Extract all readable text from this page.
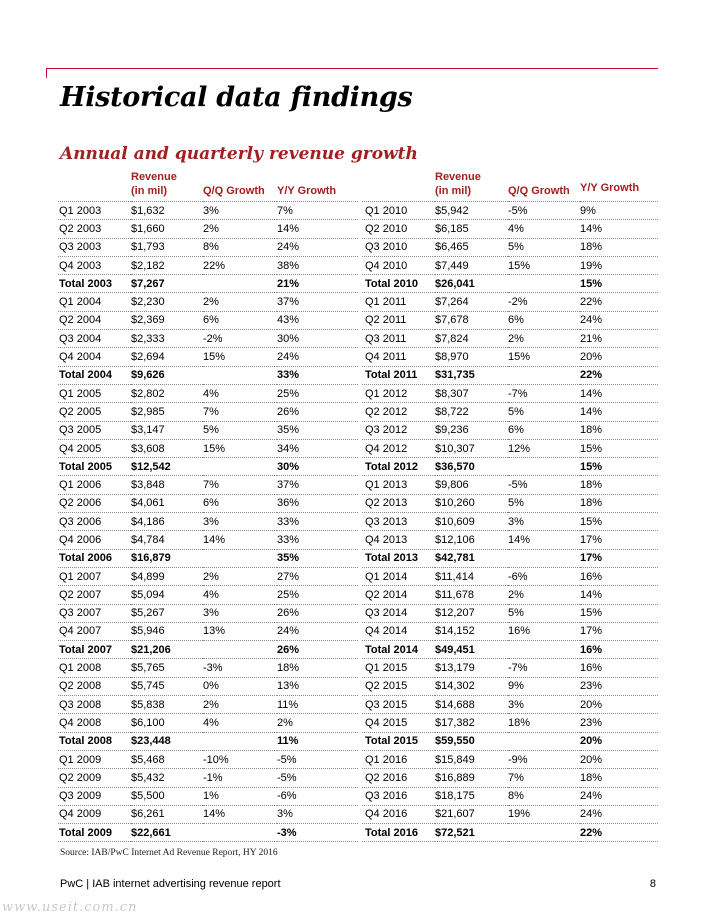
Historical data findings
Annual and quarterly revenue growth
	Revenue
(in mil)	Q/Q Growth	Y/Y Growth
Q1 2003	$1,632	3%	7%
Q2 2003	$1,660	2%	14%
Q3 2003	$1,793	8%	24%
Q4 2003	$2,182	22%	38%
Total 2003	$7,267		21%
Q1 2004	$2,230	2%	37%
Q2 2004	$2,369	6%	43%
Q3 2004	$2,333	-2%	30%
Q4 2004	$2,694	15%	24%
Total 2004	$9,626		33%
Q1 2005	$2,802	4%	25%
Q2 2005	$2,985	7%	26%
Q3 2005	$3,147	5%	35%
Q4 2005	$3,608	15%	34%
Total 2005	$12,542		30%
Q1 2006	$3,848	7%	37%
Q2 2006	$4,061	6%	36%
Q3 2006	$4,186	3%	33%
Q4 2006	$4,784	14%	33%
Total 2006	$16,879		35%
Q1 2007	$4,899	2%	27%
Q2 2007	$5,094	4%	25%
Q3 2007	$5,267	3%	26%
Q4 2007	$5,946	13%	24%
Total 2007	$21,206		26%
Q1 2008	$5,765	-3%	18%
Q2 2008	$5,745	0%	13%
Q3 2008	$5,838	2%	11%
Q4 2008	$6,100	4%	2%
Total 2008	$23,448		11%
Q1 2009	$5,468	-10%	-5%
Q2 2009	$5,432	-1%	-5%
Q3 2009	$5,500	1%	-6%
Q4 2009	$6,261	14%	3%
Total 2009	$22,661		-3%
	Revenue
(in mil)	Q/Q Growth	Y/Y Growth
Q1 2010	$5,942	-5%	9%
Q2 2010	$6,185	4%	14%
Q3 2010	$6,465	5%	18%
Q4 2010	$7,449	15%	19%
Total 2010	$26,041		15%
Q1 2011	$7,264	-2%	22%
Q2 2011	$7,678	6%	24%
Q3 2011	$7,824	2%	21%
Q4 2011	$8,970	15%	20%
Total 2011	$31,735		22%
Q1 2012	$8,307	-7%	14%
Q2 2012	$8,722	5%	14%
Q3 2012	$9,236	6%	18%
Q4 2012	$10,307	12%	15%
Total 2012	$36,570		15%
Q1 2013	$9,806	-5%	18%
Q2 2013	$10,260	5%	18%
Q3 2013	$10,609	3%	15%
Q4 2013	$12,106	14%	17%
Total 2013	$42,781		17%
Q1 2014	$11,414	-6%	16%
Q2 2014	$11,678	2%	14%
Q3 2014	$12,207	5%	15%
Q4 2014	$14,152	16%	17%
Total 2014	$49,451		16%
Q1 2015	$13,179	-7%	16%
Q2 2015	$14,302	9%	23%
Q3 2015	$14,688	3%	20%
Q4 2015	$17,382	18%	23%
Total 2015	$59,550		20%
Q1 2016	$15,849	-9%	20%
Q2 2016	$16,889	7%	18%
Q3 2016	$18,175	8%	24%
Q4 2016	$21,607	19%	24%
Total 2016	$72,521		22%
Source: IAB/PwC Internet Ad Revenue Report, HY 2016
PwC | IAB internet advertising revenue report	8
www.useit.com.cn
